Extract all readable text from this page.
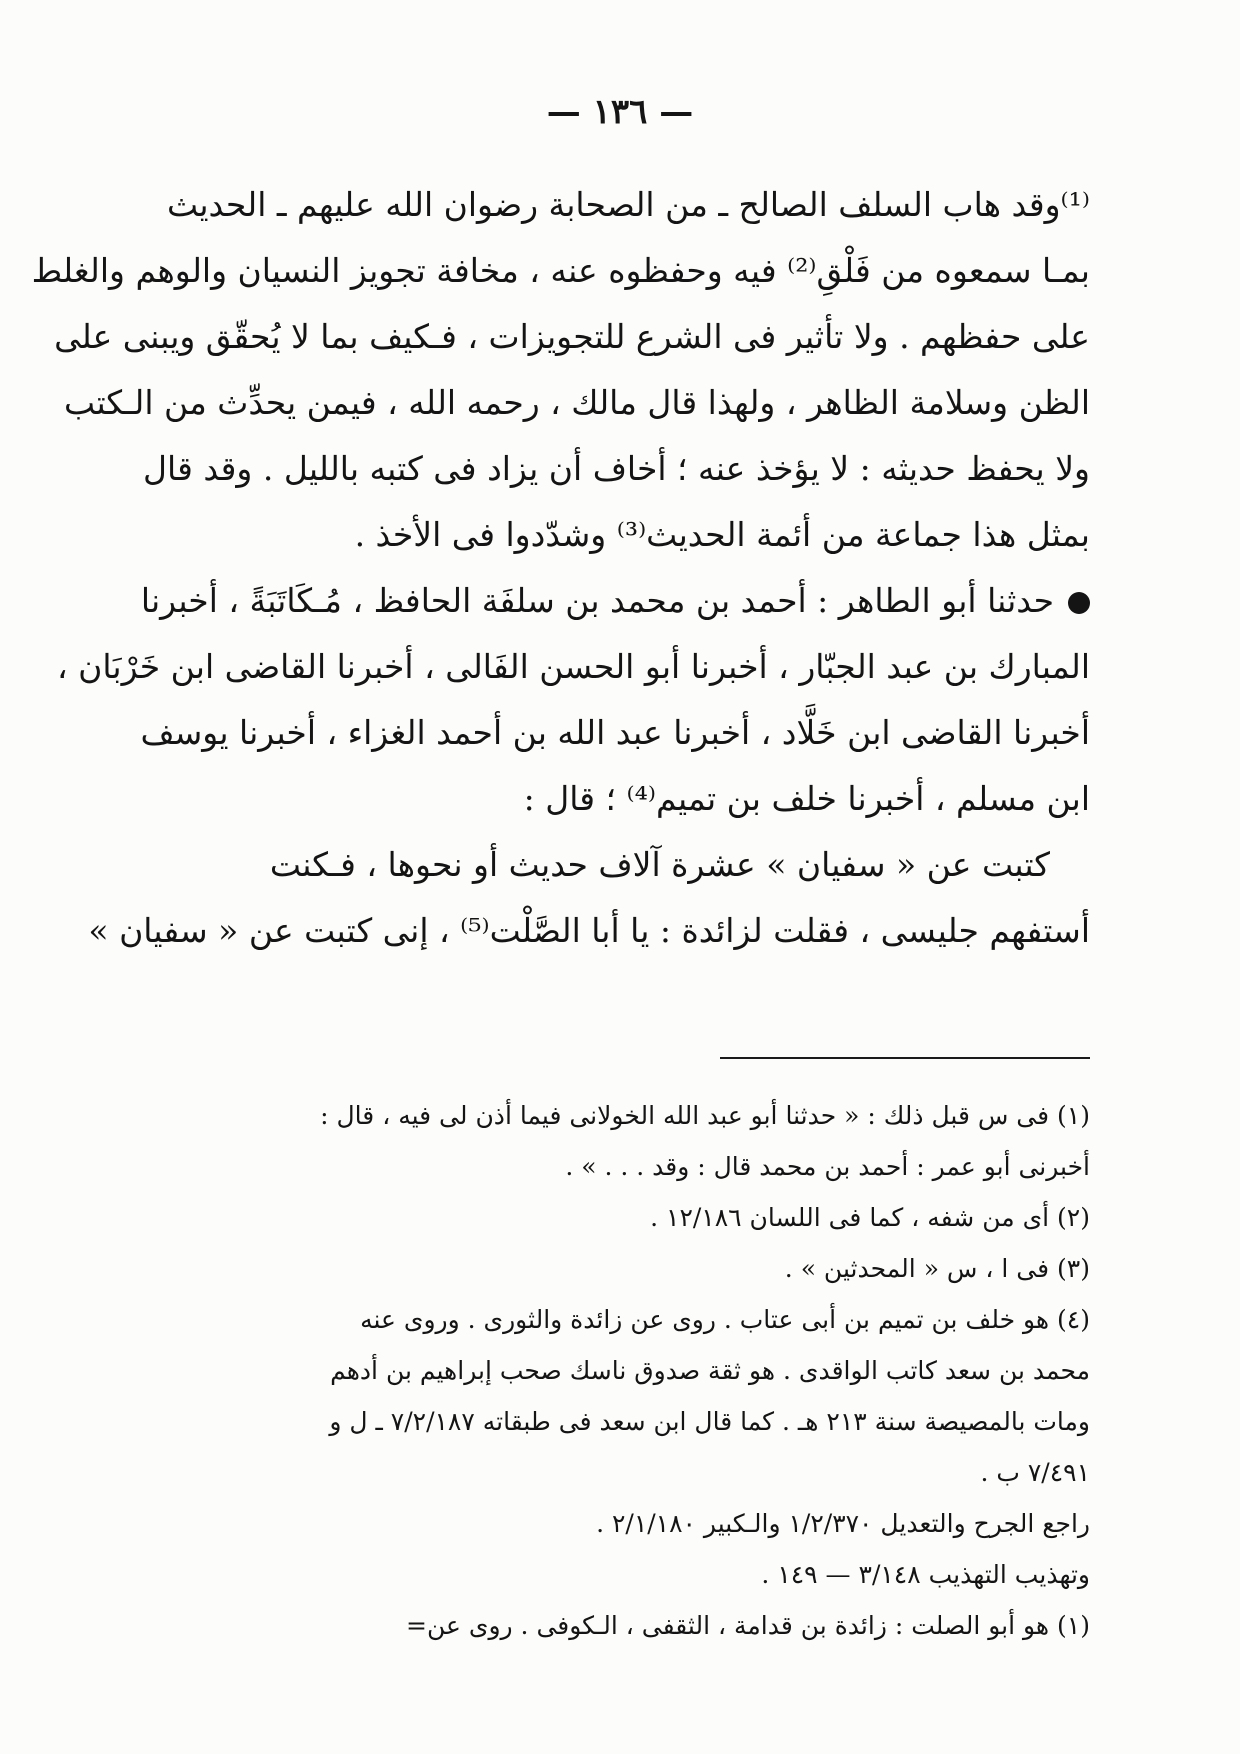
— ١٣٦ —
⁽¹⁾وقد هاب السلف الصالح ـ من الصحابة رضوان الله عليهم ـ الحديث
بمـا سمعوه من فَلْقِ⁽²⁾ فيه وحفظوه عنه ، مخافة تجويز النسيان والوهم والغلط
على حفظهم . ولا تأثير فى الشرع للتجويزات ، فـكيف بما لا يُحقّق ويبنى على
الظن وسلامة الظاهر ، ولهذا قال مالك ، رحمه الله ، فيمن يحدِّث من الـكتب
ولا يحفظ حديثه : لا يؤخذ عنه ؛ أخاف أن يزاد فى كتبه بالليل . وقد قال
بمثل هذا جماعة من أئمة الحديث⁽³⁾ وشدّدوا فى الأخذ .
حدثنا أبو الطاهر : أحمد بن محمد بن سلفَة الحافظ ، مُـكَاتَبَةً ، أخبرنا
المبارك بن عبد الجبّار ، أخبرنا أبو الحسن الفَالى ، أخبرنا القاضى ابن خَرْبَان ،
أخبرنا القاضى ابن خَلَّاد ، أخبرنا عبد الله بن أحمد الغزاء ، أخبرنا يوسف
ابن مسلم ، أخبرنا خلف بن تميم⁽⁴⁾ ؛ قال :
كتبت عن « سفيان » عشرة آلاف حديث أو نحوها ، فـكنت
أستفهم جليسى ، فقلت لزائدة : يا أبا الصَّلْت⁽⁵⁾ ، إنى كتبت عن « سفيان »
(١) فى س قبل ذلك : « حدثنا أبو عبد الله الخولانى فيما أذن لى فيه ، قال :
أخبرنى أبو عمر : أحمد بن محمد قال : وقد . . . » .
(٢) أى من شفه ، كما فى اللسان ١٢/١٨٦ .
(٣) فى ا ، س « المحدثين » .
(٤) هو خلف بن تميم بن أبى عتاب . روى عن زائدة والثورى . وروى عنه
محمد بن سعد كاتب الواقدى . هو ثقة صدوق ناسك صحب إبراهيم بن أدهم
ومات بالمصيصة سنة ٢١٣ هـ . كما قال ابن سعد فى طبقاته ٧/٢/١٨٧ ـ ل و
٧/٤٩١ ب .
راجع الجرح والتعديل ١/٢/٣٧٠ والـكبير ٢/١/١٨٠ .
وتهذيب التهذيب ٣/١٤٨ — ١٤٩ .
(١) هو أبو الصلت : زائدة بن قدامة ، الثقفى ، الـكوفى . روى عن=
